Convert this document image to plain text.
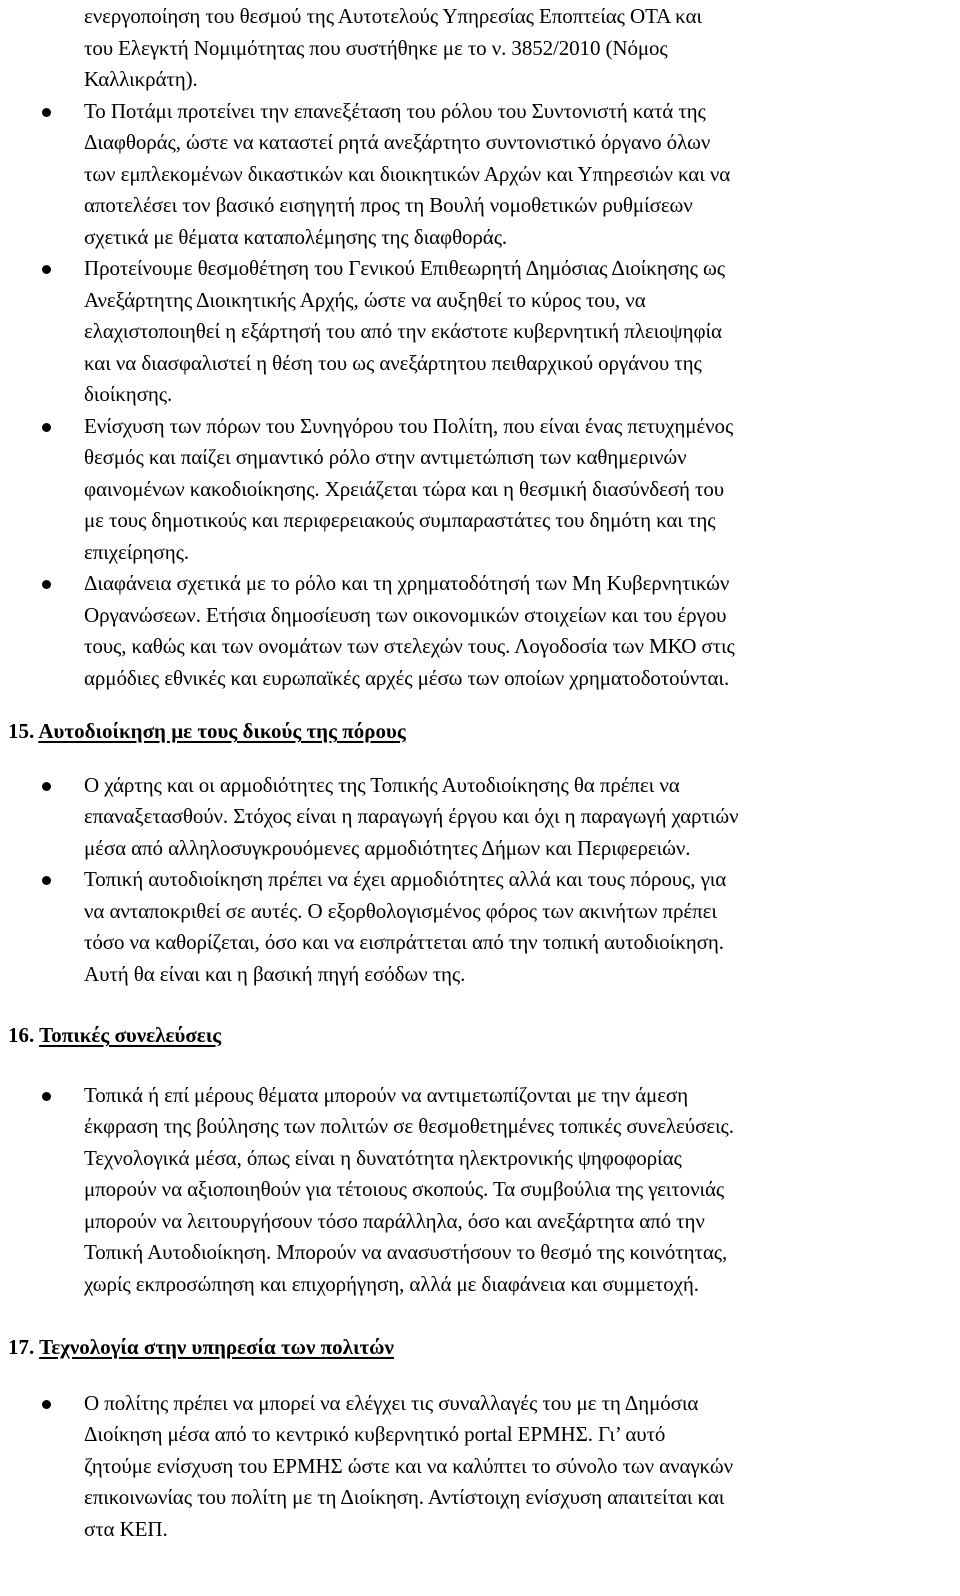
ενεργοποίηση του θεσμού της Αυτοτελούς Υπηρεσίας Εποπτείας ΟΤΑ και
του Ελεγκτή Νομιμότητας που συστήθηκε με το ν. 3852/2010 (Νόμος
Καλλικράτη).
Το Ποτάμι προτείνει την επανεξέταση του ρόλου του Συντονιστή κατά της
Διαφθοράς, ώστε να καταστεί ρητά ανεξάρτητο συντονιστικό όργανο όλων
των εμπλεκομένων δικαστικών και διοικητικών Αρχών και Υπηρεσιών και να
αποτελέσει τον βασικό εισηγητή προς τη Βουλή νομοθετικών ρυθμίσεων
σχετικά με θέματα καταπολέμησης της διαφθοράς.
Προτείνουμε θεσμοθέτηση του Γενικού Επιθεωρητή Δημόσιας Διοίκησης ως
Ανεξάρτητης Διοικητικής Αρχής, ώστε να αυξηθεί το κύρος του, να
ελαχιστοποιηθεί η εξάρτησή του από την εκάστοτε κυβερνητική πλειοψηφία
και να διασφαλιστεί η θέση του ως ανεξάρτητου πειθαρχικού οργάνου της
διοίκησης.
Ενίσχυση των πόρων του Συνηγόρου του Πολίτη, που είναι ένας πετυχημένος
θεσμός και παίζει σημαντικό ρόλο στην αντιμετώπιση των καθημερινών
φαινομένων κακοδιοίκησης. Χρειάζεται τώρα και η θεσμική διασύνδεσή του
με τους δημοτικούς και περιφερειακούς συμπαραστάτες του δημότη και της
επιχείρησης.
Διαφάνεια σχετικά με το ρόλο και τη χρηματοδότησή των Μη Κυβερνητικών
Οργανώσεων. Ετήσια δημοσίευση των οικονομικών στοιχείων και του έργου
τους, καθώς και των ονομάτων των στελεχών τους. Λογοδοσία των ΜΚΟ στις
αρμόδιες εθνικές και ευρωπαϊκές αρχές μέσω των οποίων χρηματοδοτούνται.
15. Αυτοδιοίκηση με τους δικούς της πόρους
Ο χάρτης και οι αρμοδιότητες της Τοπικής Αυτοδιοίκησης θα πρέπει να
επαναξετασθούν. Στόχος είναι η παραγωγή έργου και όχι η παραγωγή χαρτιών
μέσα από αλληλοσυγκρουόμενες αρμοδιότητες Δήμων και Περιφερειών.
Τοπική αυτοδιοίκηση πρέπει να έχει αρμοδιότητες αλλά και τους πόρους, για
να ανταποκριθεί σε αυτές. Ο εξορθολογισμένος φόρος των ακινήτων πρέπει
τόσο να καθορίζεται, όσο και να εισπράττεται από την τοπική αυτοδιοίκηση.
Αυτή θα είναι και η βασική πηγή εσόδων της.
16. Τοπικές συνελεύσεις
Τοπικά ή επί μέρους θέματα μπορούν να αντιμετωπίζονται με την άμεση
έκφραση της βούλησης των πολιτών σε θεσμοθετημένες τοπικές συνελεύσεις.
Τεχνολογικά μέσα, όπως είναι η δυνατότητα ηλεκτρονικής ψηφοφορίας
μπορούν να αξιοποιηθούν για τέτοιους σκοπούς. Τα συμβούλια της γειτονιάς
μπορούν να λειτουργήσουν τόσο παράλληλα, όσο και ανεξάρτητα από την
Τοπική Αυτοδιοίκηση. Μπορούν να ανασυστήσουν το θεσμό της κοινότητας,
χωρίς εκπροσώπηση και επιχορήγηση, αλλά με διαφάνεια και συμμετοχή.
17. Τεχνολογία στην υπηρεσία των πολιτών
Ο πολίτης πρέπει να μπορεί να ελέγχει τις συναλλαγές του με τη Δημόσια
Διοίκηση μέσα από το κεντρικό κυβερνητικό portal ΕΡΜΗΣ. Γι’ αυτό
ζητούμε ενίσχυση του ΕΡΜΗΣ ώστε και να καλύπτει το σύνολο των αναγκών
επικοινωνίας του πολίτη με τη Διοίκηση. Αντίστοιχη ενίσχυση απαιτείται και
στα ΚΕΠ.
